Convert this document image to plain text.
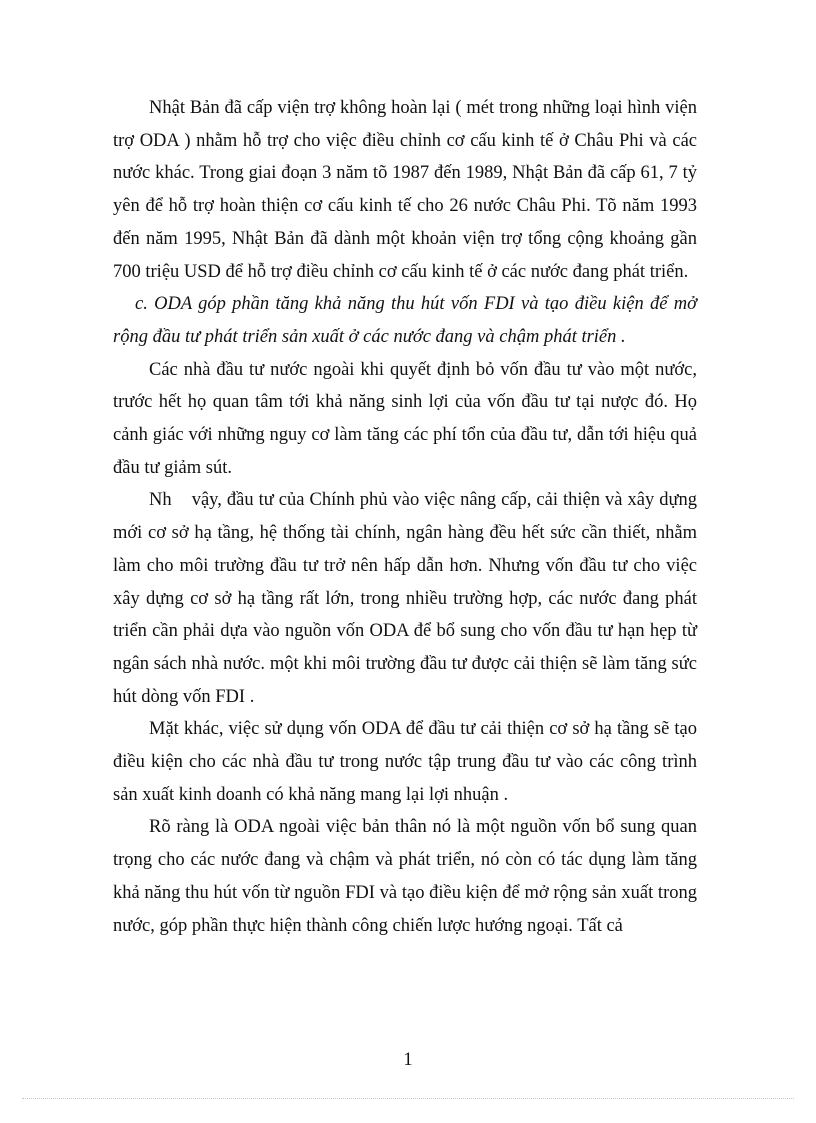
Nhật Bản đã cấp viện trợ không hoàn lại ( mét trong những loại hình viện trợ ODA ) nhằm hỗ trợ cho việc điều chỉnh cơ cấu kinh tế ở Châu Phi và các nước khác. Trong giai đoạn 3 năm tõ 1987 đến 1989, Nhật Bản đã cấp 61, 7 tỷ yên để hỗ trợ hoàn thiện cơ cấu kinh tế cho 26 nước Châu Phi. Tõ năm 1993 đến năm 1995, Nhật Bản đã dành một khoản viện trợ tổng cộng khoảng gần 700 triệu USD để hỗ trợ điều chỉnh cơ cấu kinh tế ở các nước đang phát triển.

c. ODA góp phần tăng khả năng thu hút vốn FDI và tạo điều kiện để mở rộng đầu tư phát triển sản xuất ở các nước đang và chậm phát triển .

Các nhà đầu tư nước ngoài khi quyết định bỏ vốn đầu tư vào một nước, trước hết họ quan tâm tới khả năng sinh lợi của vốn đầu tư tại nược đó. Họ cảnh giác với những nguy cơ làm tăng các phí tổn của đầu tư, dẫn tới hiệu quả đầu tư giảm sút.

Nh    vậy, đầu tư của Chính phủ vào việc nâng cấp, cải thiện và xây dựng mới cơ sở hạ tầng, hệ thống tài chính, ngân hàng đều hết sức cần thiết, nhằm làm cho môi trường đầu tư trở nên hấp dẫn hơn. Nhưng vốn đầu tư cho việc xây dựng cơ sở hạ tầng rất lớn, trong nhiều trường hợp, các nước đang phát triển cần phải dựa vào nguồn vốn ODA để bổ sung cho vốn đầu tư hạn hẹp từ ngân sách nhà nước. một khi môi trường đầu tư được cải thiện sẽ làm tăng sức hút dòng vốn FDI .

Mặt khác, việc sử dụng vốn ODA để đầu tư cải thiện cơ sở hạ tầng sẽ tạo điều kiện cho các nhà đầu tư trong nước tập trung đầu tư vào các công trình sản xuất kinh doanh có khả năng mang lại lợi nhuận .

Rõ ràng là ODA ngoài việc bản thân nó là một nguồn vốn bổ sung quan trọng cho các nước đang và chậm và phát triển, nó còn có tác dụng làm tăng khả năng thu hút vốn từ nguồn FDI và tạo điều kiện để mở rộng sản xuất trong nước, góp phần thực hiện thành công chiến lược hướng ngoại. Tất cả

1
